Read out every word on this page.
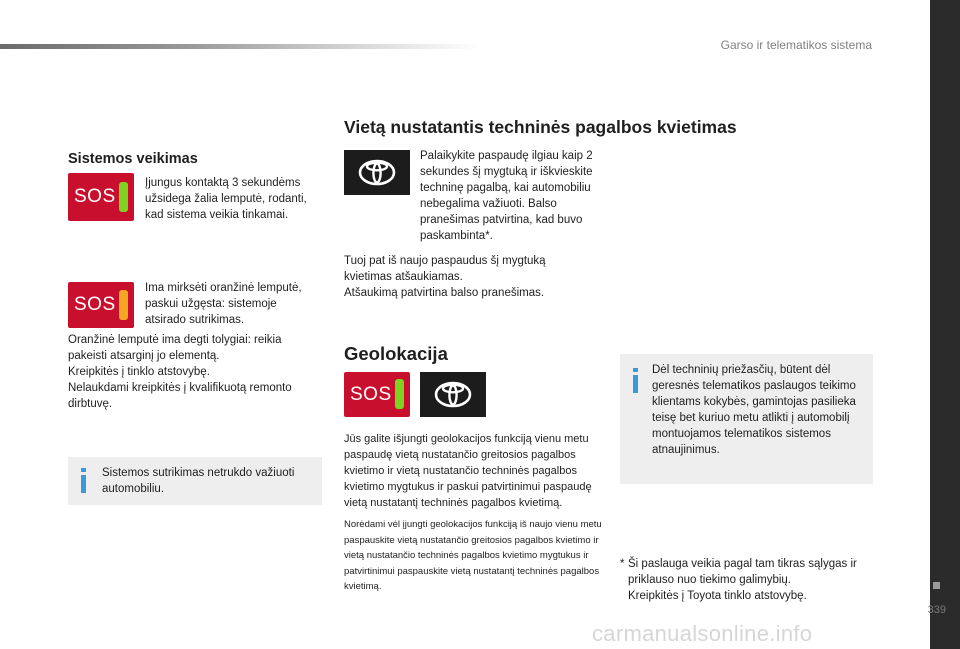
Garso ir telematikos sistema
339
Sistemos veikimas
SOS

Įjungus kontaktą 3 sekundėms užsidega žalia lemputė, rodanti, kad sistema veikia tinkamai.

SOS

Ima mirksėti oranžinė lemputė, paskui užgęsta: sistemoje atsirado sutrikimas.

Oranžinė lemputė ima degti tolygiai: reikia pakeisti atsarginį jo elementą.
Kreipkitės į tinklo atstovybę.
Nelaukdami kreipkitės į kvalifikuotą remonto dirbtuvę.

Sistemos sutrikimas netrukdo važiuoti automobiliu.

Vietą nustatantis techninės pagalbos kvietimas

Palaikykite paspaudę ilgiau kaip 2 sekundes šį mygtuką ir iškvieskite techninę pagalbą, kai automobiliu nebegalima važiuoti. Balso pranešimas patvirtina, kad buvo paskambinta*.

Tuoj pat iš naujo paspaudus šį mygtuką kvietimas atšaukiamas.
Atšaukimą patvirtina balso pranešimas.

Geolokacija
SOS

Jūs galite išjungti geolokacijos funkciją vienu metu paspaudę vietą nustatančio greitosios pagalbos kvietimo ir vietą nustatančio techninės pagalbos kvietimo mygtukus ir paskui patvirtinimui paspaudę vietą nustatantį techninės pagalbos kvietimą.

Norėdami vėl įjungti geolokacijos funkciją iš naujo vienu metu paspauskite vietą nustatančio greitosios pagalbos kvietimo ir vietą nustatančio techninės pagalbos kvietimo mygtukus ir patvirtinimui paspauskite vietą nustatantį techninės pagalbos kvietimą.

Dėl techninių priežasčių, būtent dėl geresnės telematikos paslaugos teikimo klientams kokybės, gamintojas pasilieka teisę bet kuriuo metu atlikti į automobilį montuojamos telematikos sistemos atnaujinimus.

* Ši paslauga veikia pagal tam tikras sąlygas ir priklauso nuo tiekimo galimybių.
Kreipkitės į Toyota tinklo atstovybę.

carmanualsonline.info
